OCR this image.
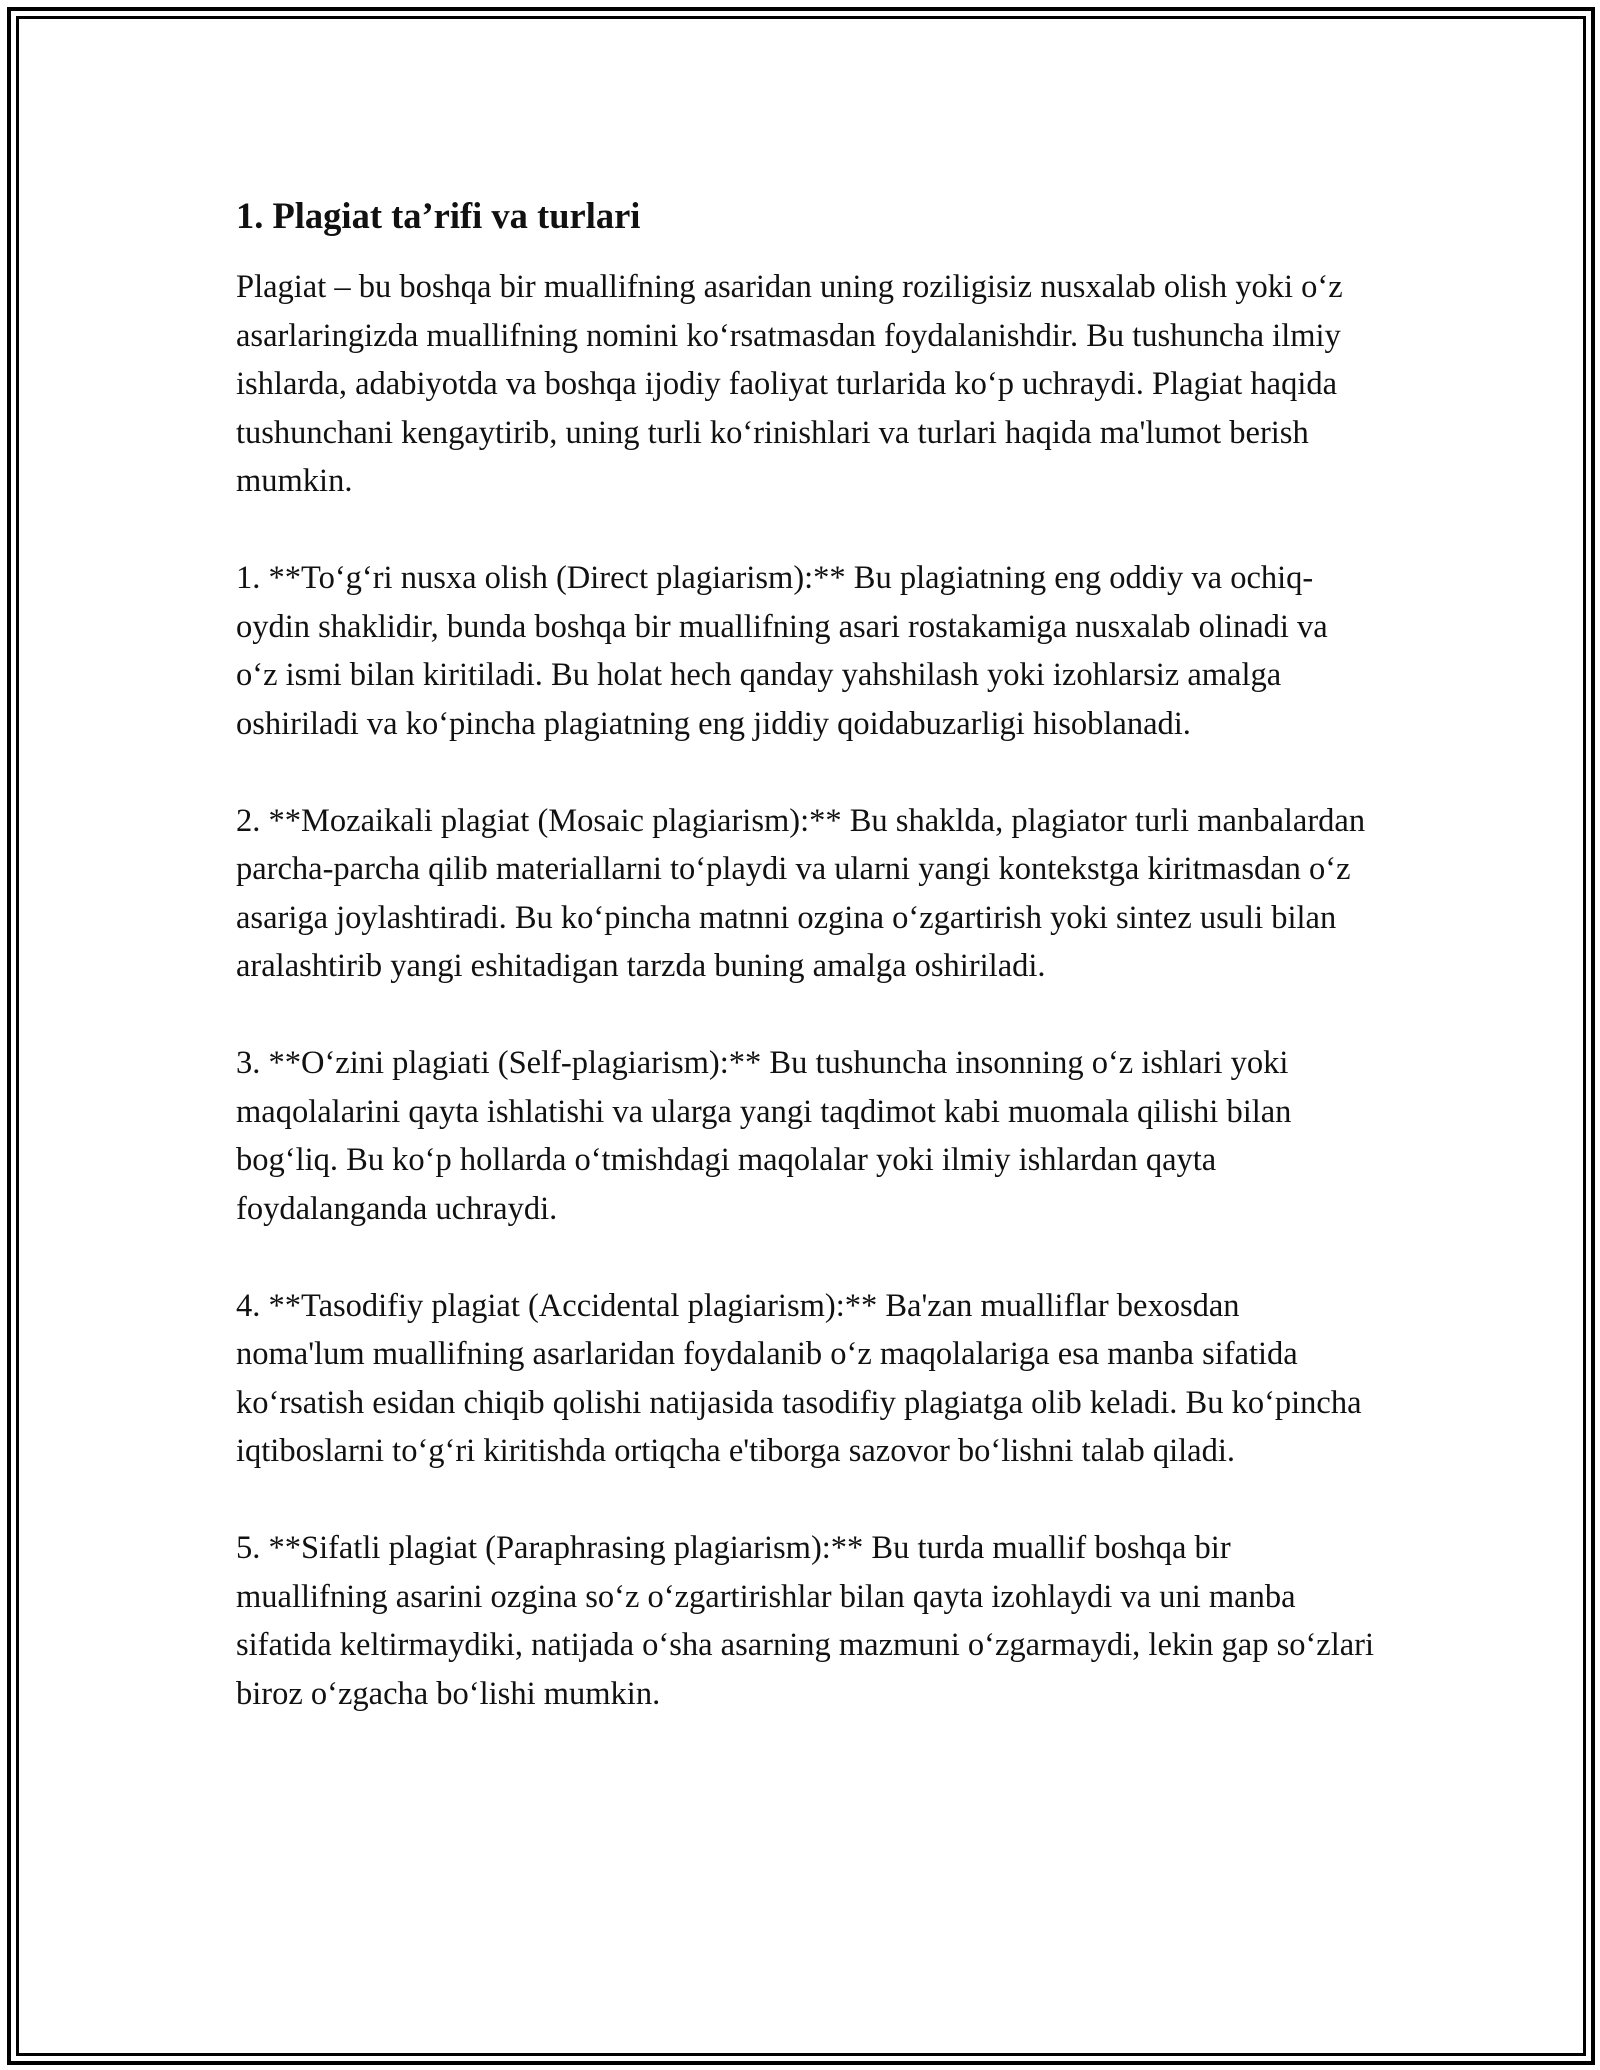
1. Plagiat ta’rifi va turlari

Plagiat – bu boshqa bir muallifning asaridan uning roziligisiz nusxalab olish yoki o‘z asarlaringizda muallifning nomini ko‘rsatmasdan foydalanishdir. Bu tushuncha ilmiy ishlarda, adabiyotda va boshqa ijodiy faoliyat turlarida ko‘p uchraydi. Plagiat haqida tushunchani kengaytirib, uning turli ko‘rinishlari va turlari haqida ma'lumot berish mumkin.

1. **To‘g‘ri nusxa olish (Direct plagiarism):** Bu plagiatning eng oddiy va ochiq-oydin shaklidir, bunda boshqa bir muallifning asari rostakamiga nusxalab olinadi va o‘z ismi bilan kiritiladi. Bu holat hech qanday yahshilash yoki izohlarsiz amalga oshiriladi va ko‘pincha plagiatning eng jiddiy qoidabuzarligi hisoblanadi.

2. **Mozaikali plagiat (Mosaic plagiarism):** Bu shaklda, plagiator turli manbalardan parcha-parcha qilib materiallarni to‘playdi va ularni yangi kontekstga kiritmasdan o‘z asariga joylashtiradi. Bu ko‘pincha matnni ozgina o‘zgartirish yoki sintez usuli bilan aralashtirib yangi eshitadigan tarzda buning amalga oshiriladi.

3. **O‘zini plagiati (Self-plagiarism):** Bu tushuncha insonning o‘z ishlari yoki maqolalarini qayta ishlatishi va ularga yangi taqdimot kabi muomala qilishi bilan bog‘liq. Bu ko‘p hollarda o‘tmishdagi maqolalar yoki ilmiy ishlardan qayta foydalanganda uchraydi.

4. **Tasodifiy plagiat (Accidental plagiarism):** Ba'zan mualliflar bexosdan noma'lum muallifning asarlaridan foydalanib o‘z maqolalariga esa manba sifatida ko‘rsatish esidan chiqib qolishi natijasida tasodifiy plagiatga olib keladi. Bu ko‘pincha iqtiboslarni to‘g‘ri kiritishda ortiqcha e'tiborga sazovor bo‘lishni talab qiladi.

5. **Sifatli plagiat (Paraphrasing plagiarism):** Bu turda muallif boshqa bir muallifning asarini ozgina so‘z o‘zgartirishlar bilan qayta izohlaydi va uni manba sifatida keltirmaydiki, natijada o‘sha asarning mazmuni o‘zgarmaydi, lekin gap so‘zlari biroz o‘zgacha bo‘lishi mumkin.
